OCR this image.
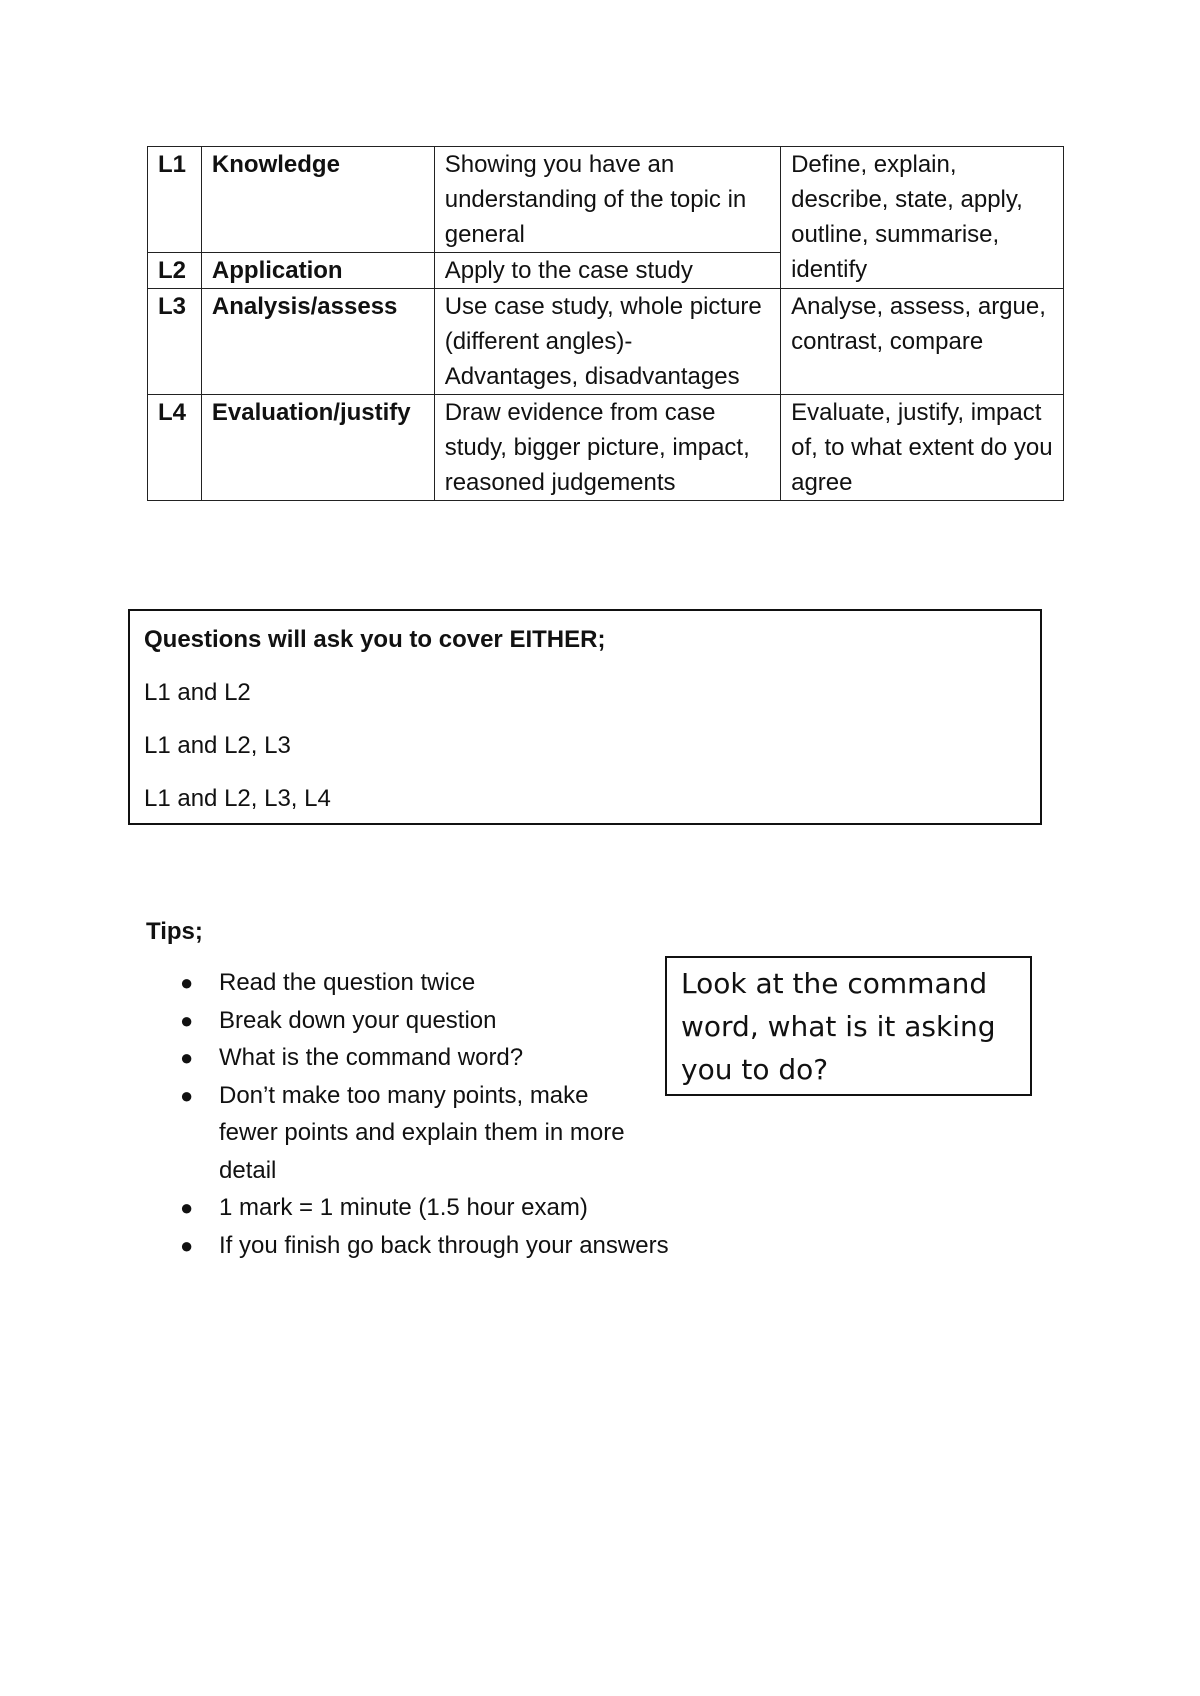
L1	Knowledge	Showing you have an understanding of the topic in general	Define, explain, describe, state, apply, outline, summarise, identify
L2	Application	Apply to the case study	
L3	Analysis/assess	Use case study, whole picture (different angles)- Advantages, disadvantages	Analyse, assess, argue, contrast, compare
L4	Evaluation/justify	Draw evidence from case study, bigger picture, impact, reasoned judgements	Evaluate, justify, impact of, to what extent do you agree
Questions will ask you to cover EITHER;
L1 and L2
L1 and L2, L3
L1 and L2, L3, L4
Tips;
● Read the question twice
● Break down your question
● What is the command word?
● Don’t make too many points, make fewer points and explain them in more detail
● 1 mark = 1 minute (1.5 hour exam)
● If you finish go back through your answers
Look at the command word, what is it asking you to do?
